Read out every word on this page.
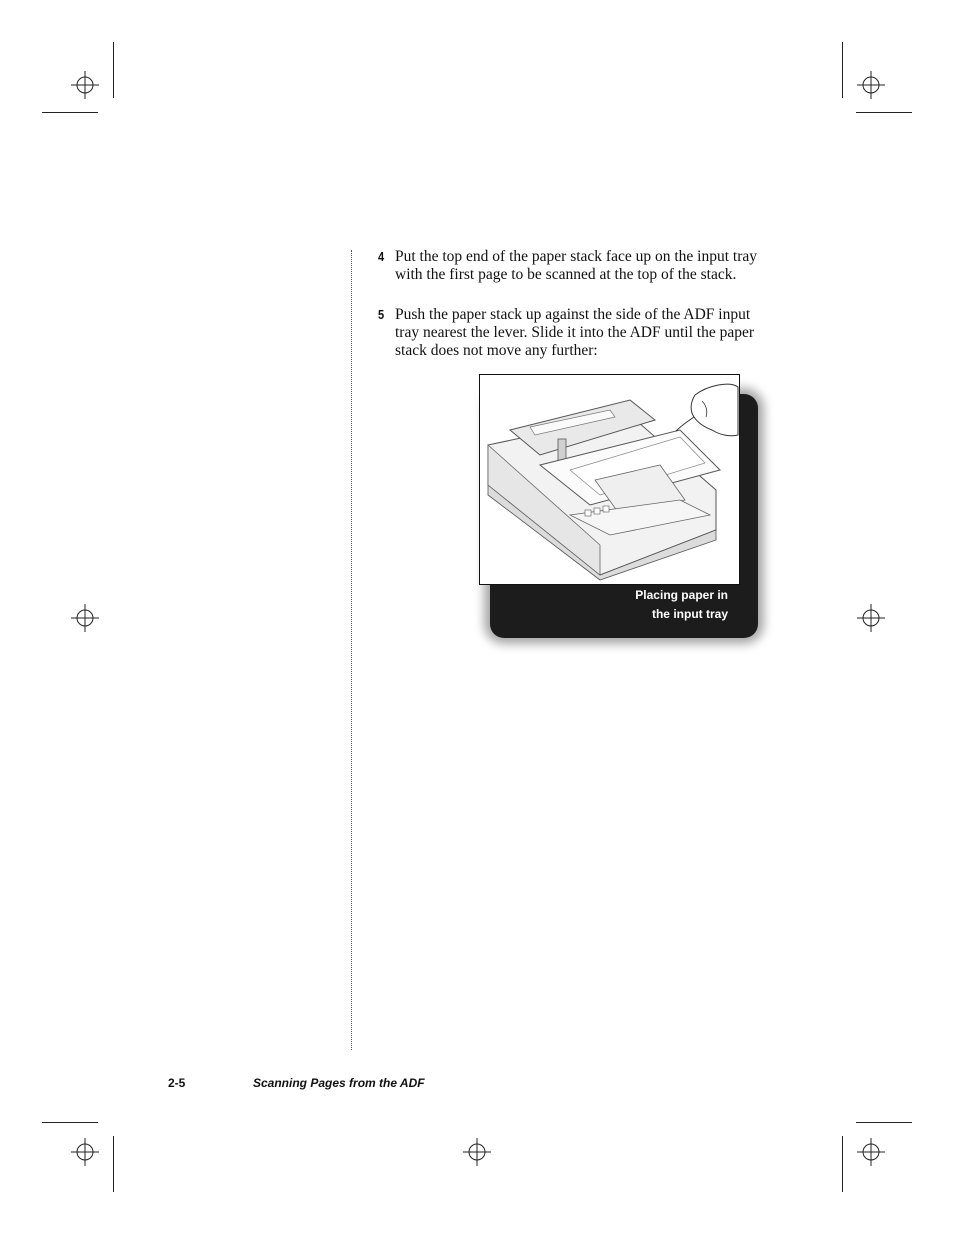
4 Put the top end of the paper stack face up on the input tray with the first page to be scanned at the top of the stack.
5 Push the paper stack up against the side of the ADF input tray nearest the lever. Slide it into the ADF until the paper stack does not move any further:
Placing paper in
the input tray
2-5	Scanning Pages from the ADF
